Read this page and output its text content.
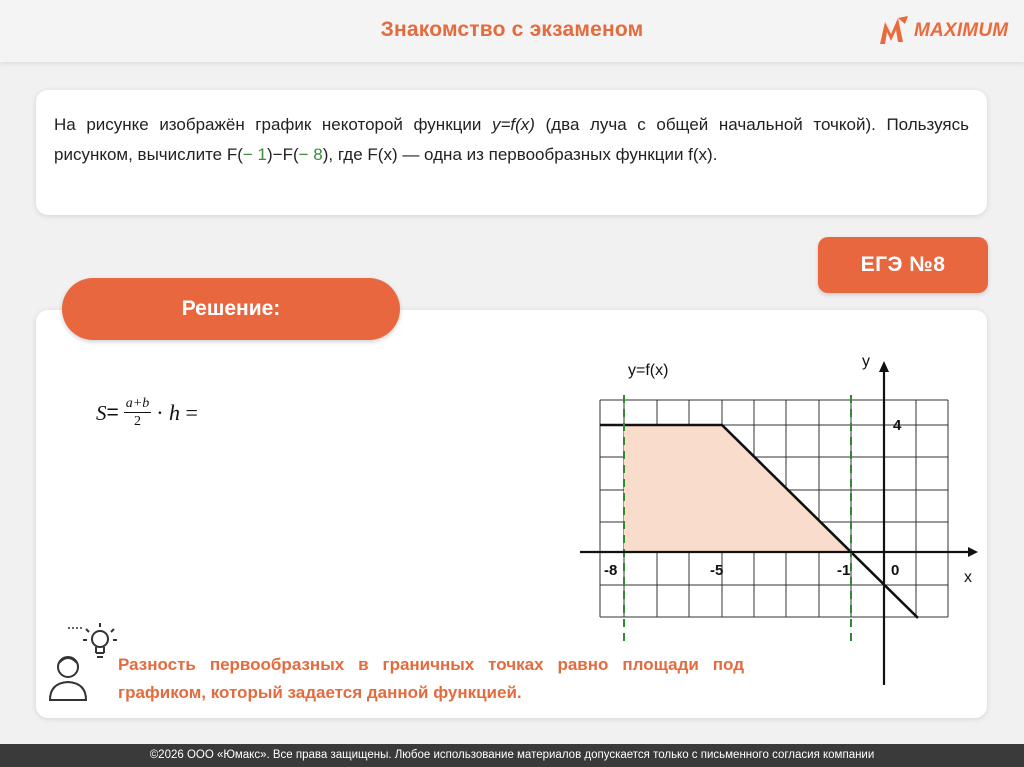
Знакомство с экзаменом	MAXIMUM
На рисунке изображён график некоторой функции y=f(x) (два луча с общей начальной точкой). Пользуясь рисунком, вычислите F(− 1)−F(− 8), где F(x) — одна из первообразных функции f(x).
ЕГЭ №8
Решение:
$S = \frac{a+b}{2} \cdot h$ =
y=f(x)
y
x
4
-8	-5	-1	0
Разность первообразных в граничных точках равно площади под графиком, который задается данной функцией.
©2026 ООО «Юмакс». Все права защищены. Любое использование материалов допускается только с письменного согласия компании
